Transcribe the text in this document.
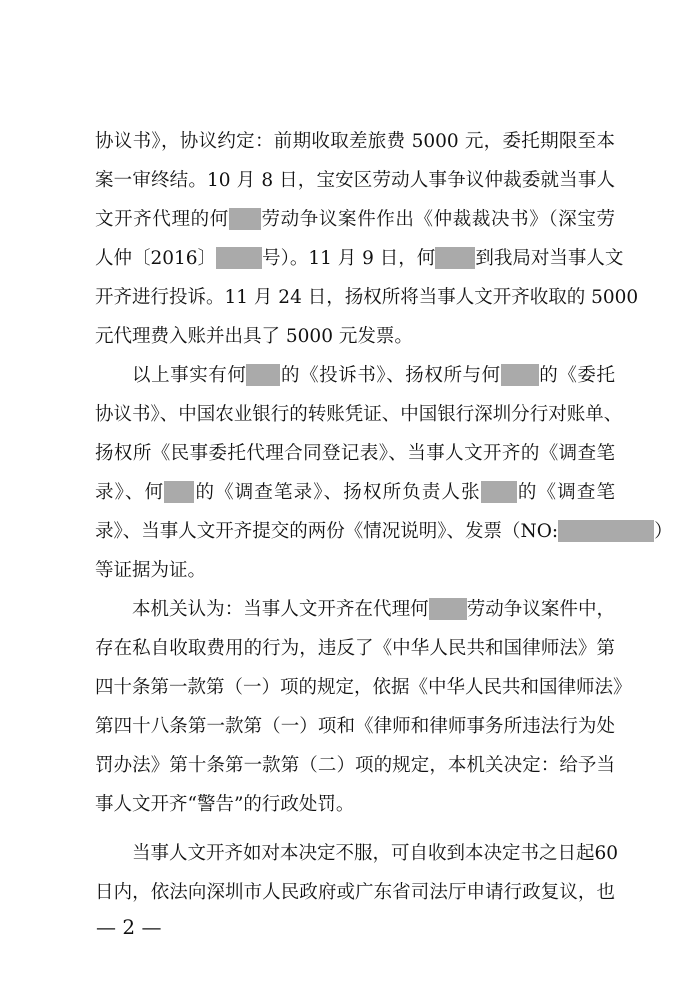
协议书》，协议约定：前期收取差旅费 5000 元，委托期限至本
案一审终结。10 月 8 日，宝安区劳动人事争议仲裁委就当事人
文开齐代理的何 劳动争议案件作出《仲裁裁决书》（深宝劳
人仲〔2016〕 号）。11 月 9 日，何 到我局对当事人文
开齐进行投诉。11 月 24 日，扬权所将当事人文开齐收取的 5000
元代理费入账并出具了 5000 元发票。
以上事实有何 的《投诉书》、扬权所与何 的《委托
协议书》、中国农业银行的转账凭证、中国银行深圳分行对账单、
扬权所《民事委托代理合同登记表》、当事人文开齐的《调查笔
录》、何 的《调查笔录》、扬权所负责人张 的《调查笔
录》、当事人文开齐提交的两份《情况说明》、发票（NO:	）
等证据为证。
本机关认为：当事人文开齐在代理何 劳动争议案件中，
存在私自收取费用的行为，违反了《中华人民共和国律师法》第
四十条第一款第（一）项的规定，依据《中华人民共和国律师法》
第四十八条第一款第（一）项和《律师和律师事务所违法行为处
罚办法》第十条第一款第（二）项的规定，本机关决定：给予当
事人文开齐“警告”的行政处罚。
当事人文开齐如对本决定不服，可自收到本决定书之日起60
日内，依法向深圳市人民政府或广东省司法厅申请行政复议，也
— 2 —
